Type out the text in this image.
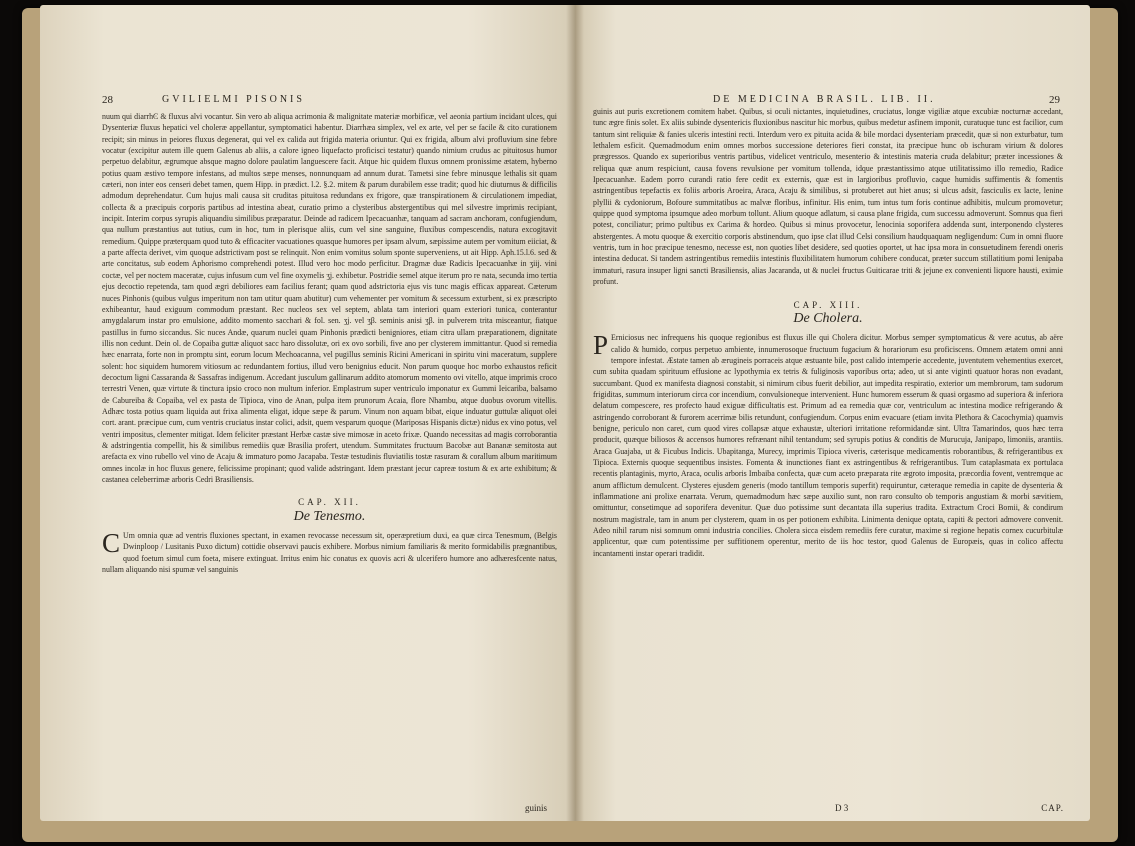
28	GVILIELMI PISONIS

nuum qui diarrhϾ & fluxus alvi vocantur. Sin vero ab aliqua acrimonia & malignitate materiæ morbificæ, vel aeonia partium incidant ulces, qui Dysenteriæ fluxus hepatici vel choleræ appellantur, symptomatici habentur. Diarrhæa simplex, vel ex arte, vel per se facile & cito curationem recipit; sin minus in peiores fluxus degenerat, qui vel ex calida aut frigida materia oriuntur. Qui ex frigida, album alvi profluvium sine febre vocatur (excipitur autem ille quem Galenus ab aliis, a calore igneo liquefacto proficisci testatur) quando nimium crudus ac pituitosus humor perpetuo delabitur, ægrumque absque magno dolore paulatim languescere facit. Atque hic quidem fluxus omnem pronissime ætatem, hyberno potius quam æstivo tempore infestans, ad multos sæpe menses, nonnunquam ad annum durat. Tametsi sine febre minusque lethalis sit quam cæteri, non inter eos censeri debet tamen, quem Hipp. in prædict. l.2. §.2. mitem & parum durabilem esse tradit; quod hic diuturnus & difficilis admodum deprehendatur. Cum hujus mali causa sit cruditas pituitosa redundans ex frigore, quæ transpirationem & circulationem impediat, collecta & a præcipuis corporis partibus ad intestina abeat, curatio primo a clysteribus abstergentibus qui mel silvestre imprimis recipiant, incipit. Interim corpus syrupis aliquandiu similibus præparatur. Deinde ad radicem Ipecacuanhæ, tanquam ad sacram anchoram, confugiendum, qua nullum præstantius aut tutius, cum in hoc, tum in plerisque aliis, cum vel sine sanguine, fluxibus compescendis, natura excogitavit remedium. Quippe præterquam quod tuto & efficaciter vacuationes quasque humores per ipsam alvum, sæpissime autem per vomitum eiiciat, & a parte affecta derivet, vim quoque adstrictivam post se relinquit. Non enim vomitus solum sponte superveniens, ut ait Hipp. Aph.15.l.6. sed & arte concitatus, sub eodem Aphorismo comprehendi potest. Illud vero hoc modo perficitur. Dragmæ duæ Radicis Ipecacuanhæ in ʒiij. vini coctæ, vel per noctem maceratæ, cujus infusum cum vel fine oxymelis ʒj. exhibetur. Postridie semel atque iterum pro re nata, secunda imo tertia ejus decoctio repetenda, tam quod ægri debiliores eam facilius ferant; quam quod adstrictoria ejus vis tunc magis efficax appareat. Cæterum nuces Pinhonis (quibus vulgus imperitum non tam utitur quam abutitur) cum vehementer per vomitum & secessum exturbent, si ex præscripto exhibeantur, haud exiguum commodum præstant. Rec nucleos sex vel septem, ablata tam interiori quam exteriori tunica, conterantur amygdalarum instar pro emulsione, addito momento sacchari & fol. sen. ʒj. vel ʒβ. seminis anisi ʒβ. in pulverem trita misceantur, fiatque pastillus in furno siccandus. Sic nuces Andæ, quarum nuclei quam Pinhonis prædicti benigniores, etiam citra ullam præparationem, dignitate illis non cedunt. Dein ol. de Copaiba guttæ aliquot sacc haro dissolutæ, ori ex ovo sorbili, five ano per clysterem immittantur. Quod si remedia hæc enarrata, forte non in promptu sint, eorum locum Mechoacanna, vel pugillus seminis Ricini Americani in spiritu vini maceratum, supplere solent: hoc siquidem humorem vitiosum ac redundantem fortius, illud vero benignius educit. Non parum quoque hoc morbo exhaustos reficit decoctum ligni Cassaranda & Sassafras indigenum. Accedant jusculum gallinarum addito atomorum momento ovi vitello, atque imprimis croco terrestri Venen, quæ virtute & tinctura ipsio croco non multum inferior. Emplastrum super ventriculo imponatur ex Gummi Ieicariba, balsamo de Cabureiba & Copaiba, vel ex pasta de Tipioca, vino de Anan, pulpa item prunorum Acaia, flore Nhambu, atque duobus ovorum vitellis. Adhæc tosta potius quam liquida aut frixa alimenta eligat, idque sæpe & parum. Vinum non aquam bibat, eique induatur guttulæ aliquot olei cort. arant. præcipue cum, cum ventris cruciatus instar colici, adsit, quem vesparum quoque (Mariposas Hispanis dictæ) nidus ex vino potus, vel ventri impositus, clementer mitigat. Idem feliciter præstant Herbæ castæ sive mimosæ in aceto frixæ. Quando necessitas ad magis corroborantia & adstringentia compellit, his & similibus remediis quæ Brasilia profert, utendum. Summitates fructuum Bacobæ aut Bananæ semitosta aut arefacta ex vino rubello vel vino de Acaju & immaturo pomo Jacapaba. Testæ testudinis fluviatilis tostæ rasuram & corallum album maritimum omnes incolæ in hoc fluxus genere, felicissime propinant; quod valide adstringant. Idem præstant jecur capreæ tostum & ex arte exhibitum; & castanea celeberrimæ arboris Cedri Brasiliensis.

CAP. XII.
De Tenesmo.

C Um omnia quæ ad ventris fluxiones spectant, in examen revocasse necessum sit, operæpretium duxi, ea quæ circa Tenesmum, (Belgis Dwinploop / Lusitanis Puxo dictum) cottidie observavi paucis exhibere. Morbus nimium familiaris & merito formidabilis prægnantibus, quod foetum simul cum foeta, misere extinguat. Irritus enim hic conatus ex quovis acri & ulcerifero humore ano adhæresfcente natus, nullam aliquando nisi spumæ vel sanguinis

guinis
DE MEDICINA BRASIL. LIB. II.	29

guinis aut puris excretionem comitem habet. Quibus, si oculi nictantes, inquietudines, cruciatus, longæ vigiliæ atque excubiæ nocturnæ accedant, tunc ægre finis solet. Ex aliis subinde dysentericis fluxionibus nascitur hic morbus, quibus medetur asfinem imponit, curatuque tunc est facilior, cum tantum sint reliquiæ & fanies ulceris intestini recti. Interdum vero ex pituita acida & bile mordaci dysenteriam præcedit, quæ si non exturbatur, tum lethalem esficit. Quemadmodum enim omnes morbos successione deteriores fieri constat, ita præcipue hunc ob ischuram virium & dolores prægressos. Quando ex superioribus ventris partibus, videlicet ventriculo, mesenterio & intestinis materia cruda delabitur; præter incessiones & reliqua quæ anum respiciunt, causa fovens revulsione per vomitum tollenda, idque præstantissimo atque utilitatissimo illo remedio, Radice Ipecacuanhæ. Eadem porro curandi ratio fere cedit ex externis, quæ est in largioribus profluvio, caque humidis suffimentis & fomentis astringentibus tepefactis ex foliis arboris Aroeira, Araca, Acaju & similibus, si protuberet aut hiet anus; si ulcus adsit, fasciculis ex lacte, lenine plyllii & cydoniorum, Bofoure summitatibus ac malvæ floribus, infinitur. His enim, tum intus tum foris continue adhibitis, mulcum promovetur; quippe quod symptoma ipsumque adeo morbum tollunt. Alium quoque adlatum, si causa plane frigida, cum successu admoverunt. Somnus qua fieri potest, conciliatur; primo pultibus ex Carima & hordeo. Quibus si minus provocetur, lenocinia soporifera addenda sunt, interponendo clysteres abstergentes. A motu quoque & exercitio corporis abstinendum, quo ipse clat illud Celsi consilium haudquaquam negligendum: Cum in omni fluore ventris, tum in hoc præcipue tenesmo, necesse est, non quoties libet desidere, sed quoties oportet, ut hac ipsa mora in consuetudinem ferendi oneris intestina deducat. Si tandem astringentibus remediis intestinis fluxibilitatem humorum cohibere conducat, præter succum stillatitium pomi Ienipaba immaturi, rasura insuper ligni sancti Brasiliensis, alias Jacaranda, ut & nuclei fructus Guiticarae triti & jejune ex convenienti liquore hausti, eximie profunt.

CAP. XIII.
De Cholera.

P Erniciosus nec infrequens his quoque regionibus est fluxus ille qui Cholera dicitur. Morbus semper symptomaticus & vere acutus, ab aëre calido & humido, corpus perpetuo ambiente, innumerosoque fructuum fugacium & horariorum esu proficiscens. Omnem ætatem omni anni tempore infestat. Æstate tamen ab ærugineis porraceis atque æstuante bile, post calido intemperie accedente, juventutem vehementius exercet, cum subita quadam spirituum effusione ac lypothymia ex tetris & fuliginosis vaporibus orta; adeo, ut si ante viginti quatuor horas non evadant, succumbant. Quod ex manifesta diagnosi constabit, si nimirum cibus fuerit debilior, aut impedita respiratio, exterior um membrorum, tam sudorum frigiditas, summum interiorum circa cor incendium, convulsioneque intervenient. Hunc humorem esserum & quasi orgasmo ad superiora & inferiora delatum compescere, res profecto haud exiguæ difficultatis est. Primum ad ea remedia quæ cor, ventriculum ac intestina modice refrigerando & astringendo corroborant & furorem acerrimæ bilis retundunt, confugiendum. Corpus enim evacuare (etiam invita Plethora & Cacochymia) quamvis benigne, periculo non caret, cum quod vires collapsæ atque exhaustæ, ulteriori irritatione reformidandæ sint. Ultra Tamarindos, quos hæc terra producit, quæque biliosos & accensos humores refrænant nihil tentandum; sed syrupis potius & conditis de Murucuja, Janipapo, limoniis, arantiis. Araca Guajaba, ut & Ficubus Indicis. Ubapitanga, Murecy, imprimis Tipioca viveris, cæterisque medicamentis roborantibus, & refrigerantibus ex Tipioca. Externis quoque sequentibus insistes. Fomenta & inunctiones fiant ex astringentibus & refrigerantibus. Tum cataplasmata ex portulaca recentis plantaginis, myrto, Araca, oculis arboris Imbaiba confecta, quæ cum aceto præparata rite ægroto imposita, præcordia fovent, ventremque ac anum afflictum demulcent. Clysteres ejusdem generis (modo tantillum temporis superfit) requiruntur, cæteraque remedia in capite de dysenteria & inflammatione ani prolixe enarrata. Verum, quemadmodum hæc sæpe auxilio sunt, non raro consulto ob temporis angustiam & morbi sævitiem, omittuntur, consetimque ad soporifera devenitur. Quæ duo potissime sunt decantata illa superius tradita. Extractum Croci Bomii, & condirum nostrum magistrale, tam in anum per clysterem, quam in os per potionem exhibita. Linimenta denique optata, capiti & pectori admovere convenit. Adeo nihil rarum nisi somnum omni industria concilies. Cholera sicca eisdem remediis fere curatur, maxime si regione hepatis cornex cucurbitulæ applicentur, quæ cum potentissime per suffitionem operentur, merito de iis hoc testor, quod Galenus de Europæis, quas in colico affectu incantamenti instar operari tradidit.

D 3	CAP.
